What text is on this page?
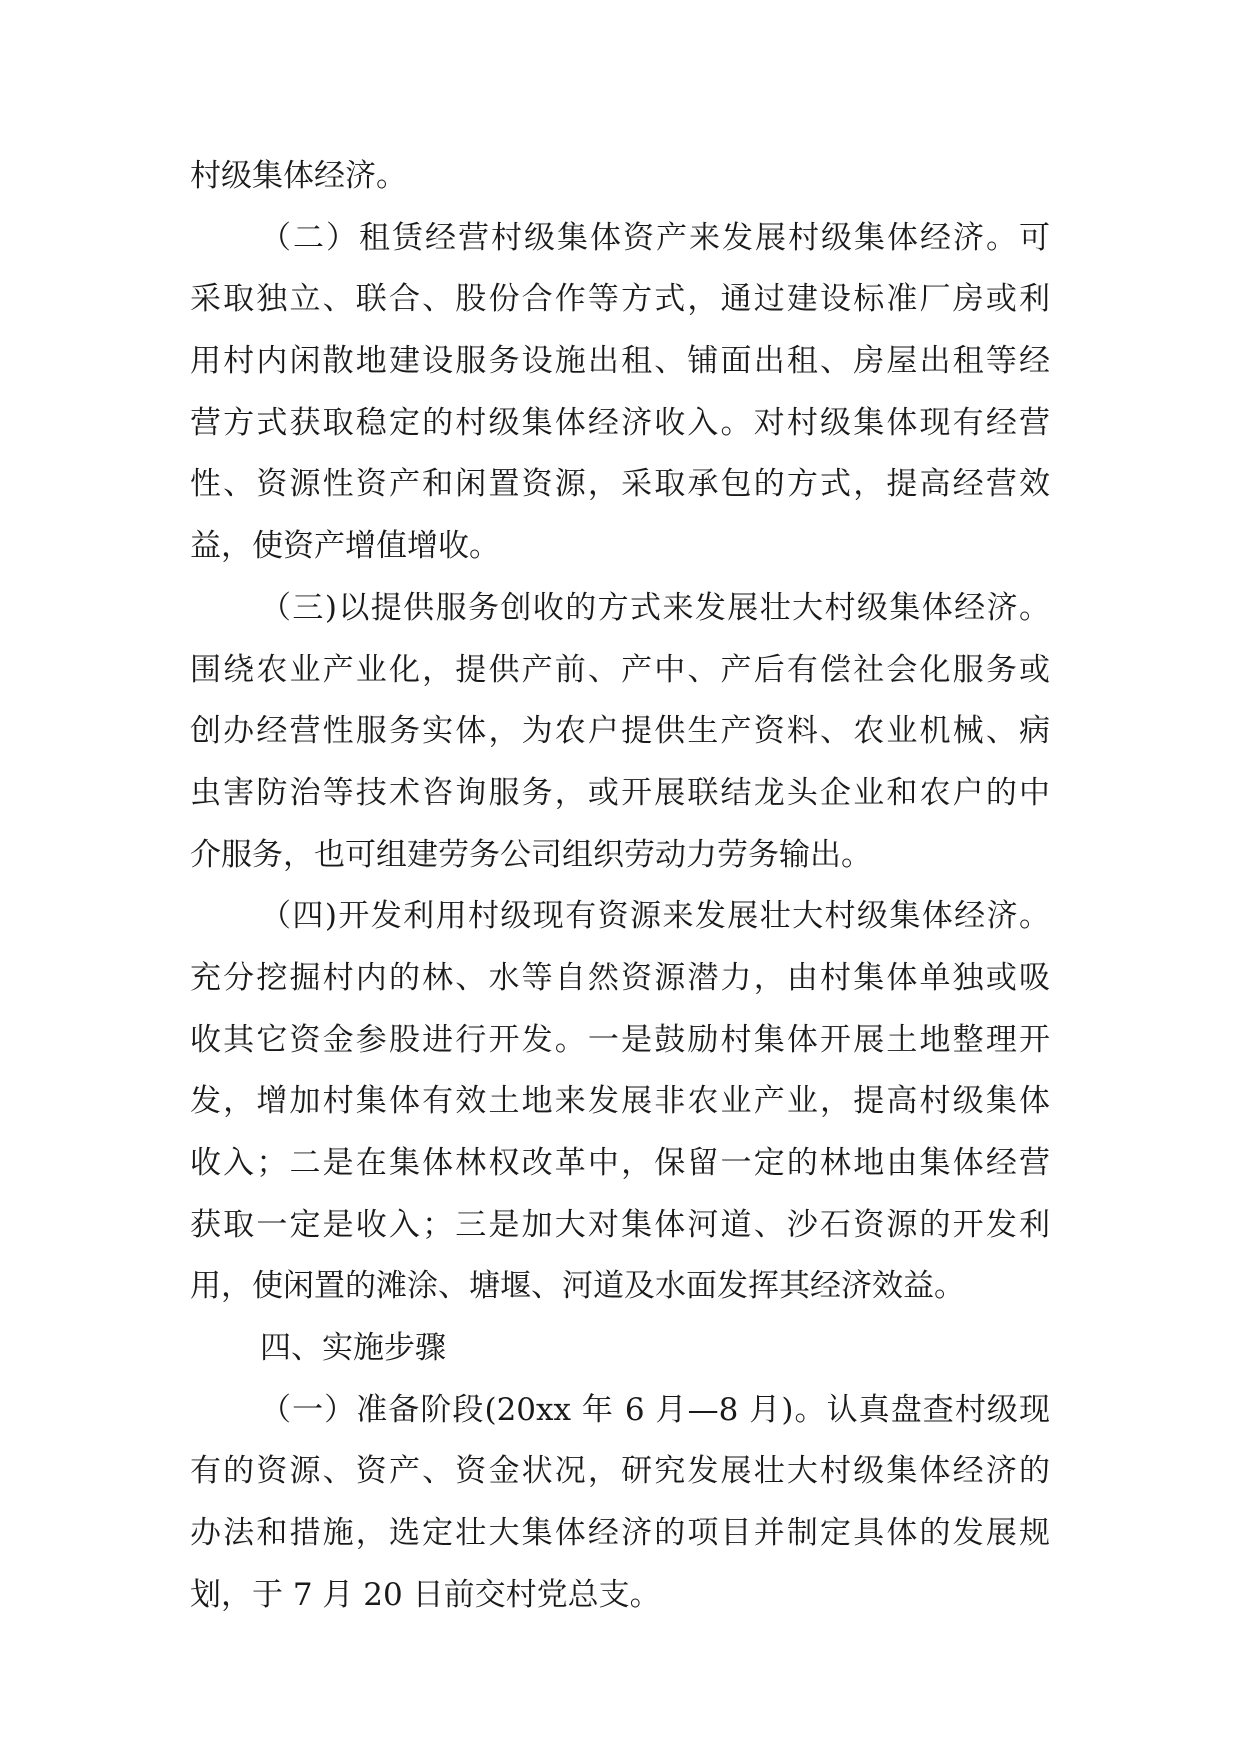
村级集体经济。
（二）租赁经营村级集体资产来发展村级集体经济。可
采取独立、联合、股份合作等方式，通过建设标准厂房或利
用村内闲散地建设服务设施出租、铺面出租、房屋出租等经
营方式获取稳定的村级集体经济收入。对村级集体现有经营
性、资源性资产和闲置资源，采取承包的方式，提高经营效
益，使资产增值增收。
（三)以提供服务创收的方式来发展壮大村级集体经济。
围绕农业产业化，提供产前、产中、产后有偿社会化服务或
创办经营性服务实体，为农户提供生产资料、农业机械、病
虫害防治等技术咨询服务，或开展联结龙头企业和农户的中
介服务，也可组建劳务公司组织劳动力劳务输出。
（四)开发利用村级现有资源来发展壮大村级集体经济。
充分挖掘村内的林、水等自然资源潜力，由村集体单独或吸
收其它资金参股进行开发。一是鼓励村集体开展土地整理开
发，增加村集体有效土地来发展非农业产业，提高村级集体
收入；二是在集体林权改革中，保留一定的林地由集体经营
获取一定是收入；三是加大对集体河道、沙石资源的开发利
用，使闲置的滩涂、塘堰、河道及水面发挥其经济效益。
四、实施步骤
（一）准备阶段(20xx 年 6 月—8 月)。认真盘查村级现
有的资源、资产、资金状况，研究发展壮大村级集体经济的
办法和措施，选定壮大集体经济的项目并制定具体的发展规
划，于 7 月 20 日前交村党总支。
